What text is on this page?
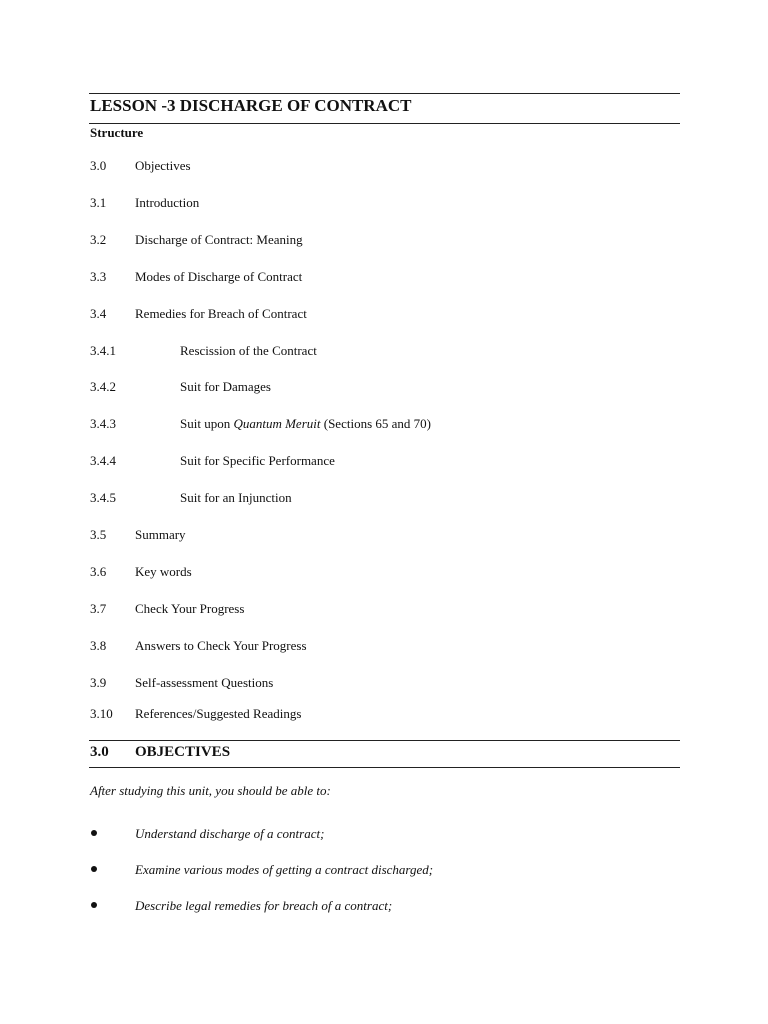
LESSON -3 DISCHARGE OF CONTRACT
Structure
3.0 Objectives
3.1 Introduction
3.2 Discharge of Contract: Meaning
3.3 Modes of Discharge of Contract
3.4 Remedies for Breach of Contract
3.4.1	Rescission of the Contract
3.4.2	Suit for Damages
3.4.3	Suit upon Quantum Meruit (Sections 65 and 70)
3.4.4	Suit for Specific Performance
3.4.5	Suit for an Injunction
3.5 Summary
3.6 Key words
3.7 Check Your Progress
3.8 Answers to Check Your Progress
3.9 Self-assessment Questions
3.10 References/Suggested Readings
3.0 OBJECTIVES
After studying this unit, you should be able to:
Understand discharge of a contract;
Examine various modes of getting a contract discharged;
Describe legal remedies for breach of a contract;
